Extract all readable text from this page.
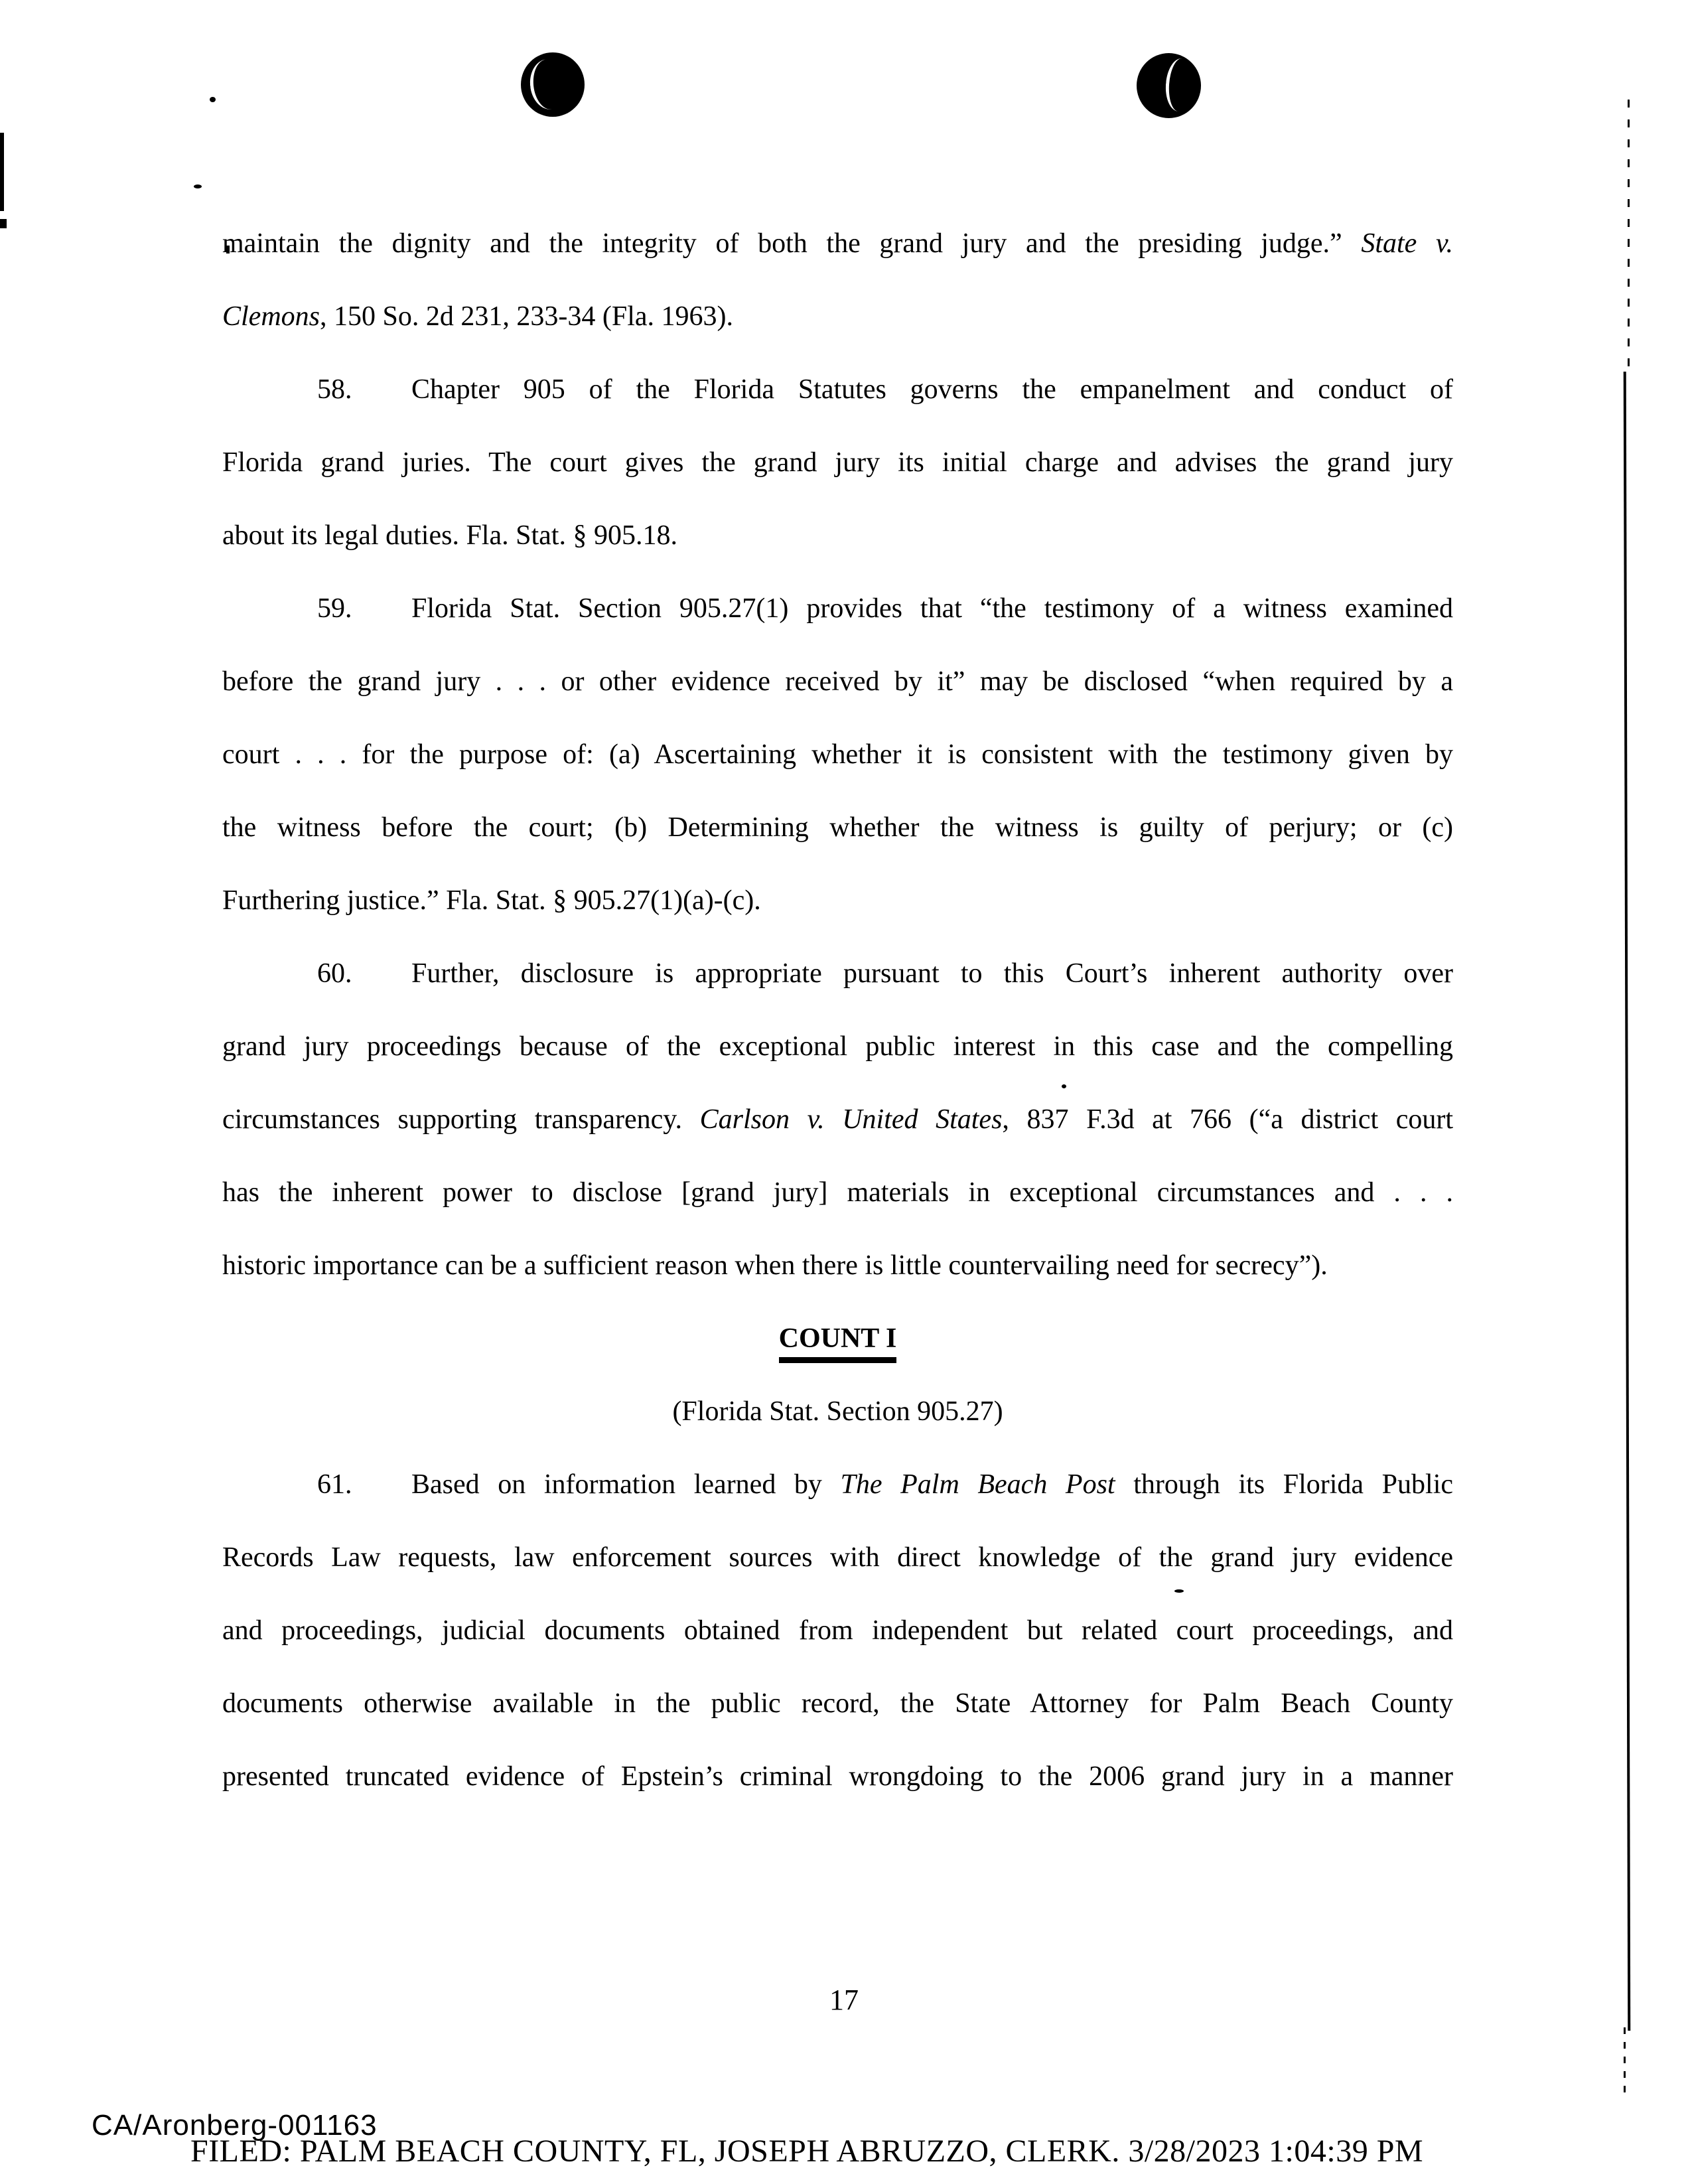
maintain the dignity and the integrity of both the grand jury and the presiding judge.” State v.
Clemons, 150 So. 2d 231, 233-34 (Fla. 1963).
58. Chapter 905 of the Florida Statutes governs the empanelment and conduct of
Florida grand juries. The court gives the grand jury its initial charge and advises the grand jury
about its legal duties. Fla. Stat. § 905.18.
59. Florida Stat. Section 905.27(1) provides that “the testimony of a witness examined
before the grand jury . . . or other evidence received by it” may be disclosed “when required by a
court . . . for the purpose of: (a) Ascertaining whether it is consistent with the testimony given by
the witness before the court; (b) Determining whether the witness is guilty of perjury; or (c)
Furthering justice.” Fla. Stat. § 905.27(1)(a)-(c).
60. Further, disclosure is appropriate pursuant to this Court’s inherent authority over
grand jury proceedings because of the exceptional public interest in this case and the compelling
circumstances supporting transparency. Carlson v. United States, 837 F.3d at 766 (“a district court
has the inherent power to disclose [grand jury] materials in exceptional circumstances and . . .
historic importance can be a sufficient reason when there is little countervailing need for secrecy”).
COUNT I
(Florida Stat. Section 905.27)
61. Based on information learned by The Palm Beach Post through its Florida Public
Records Law requests, law enforcement sources with direct knowledge of the grand jury evidence
and proceedings, judicial documents obtained from independent but related court proceedings, and
documents otherwise available in the public record, the State Attorney for Palm Beach County
presented truncated evidence of Epstein’s criminal wrongdoing to the 2006 grand jury in a manner
17
CA/Aronberg-001163
FILED: PALM BEACH COUNTY, FL, JOSEPH ABRUZZO, CLERK. 3/28/2023 1:04:39 PM
